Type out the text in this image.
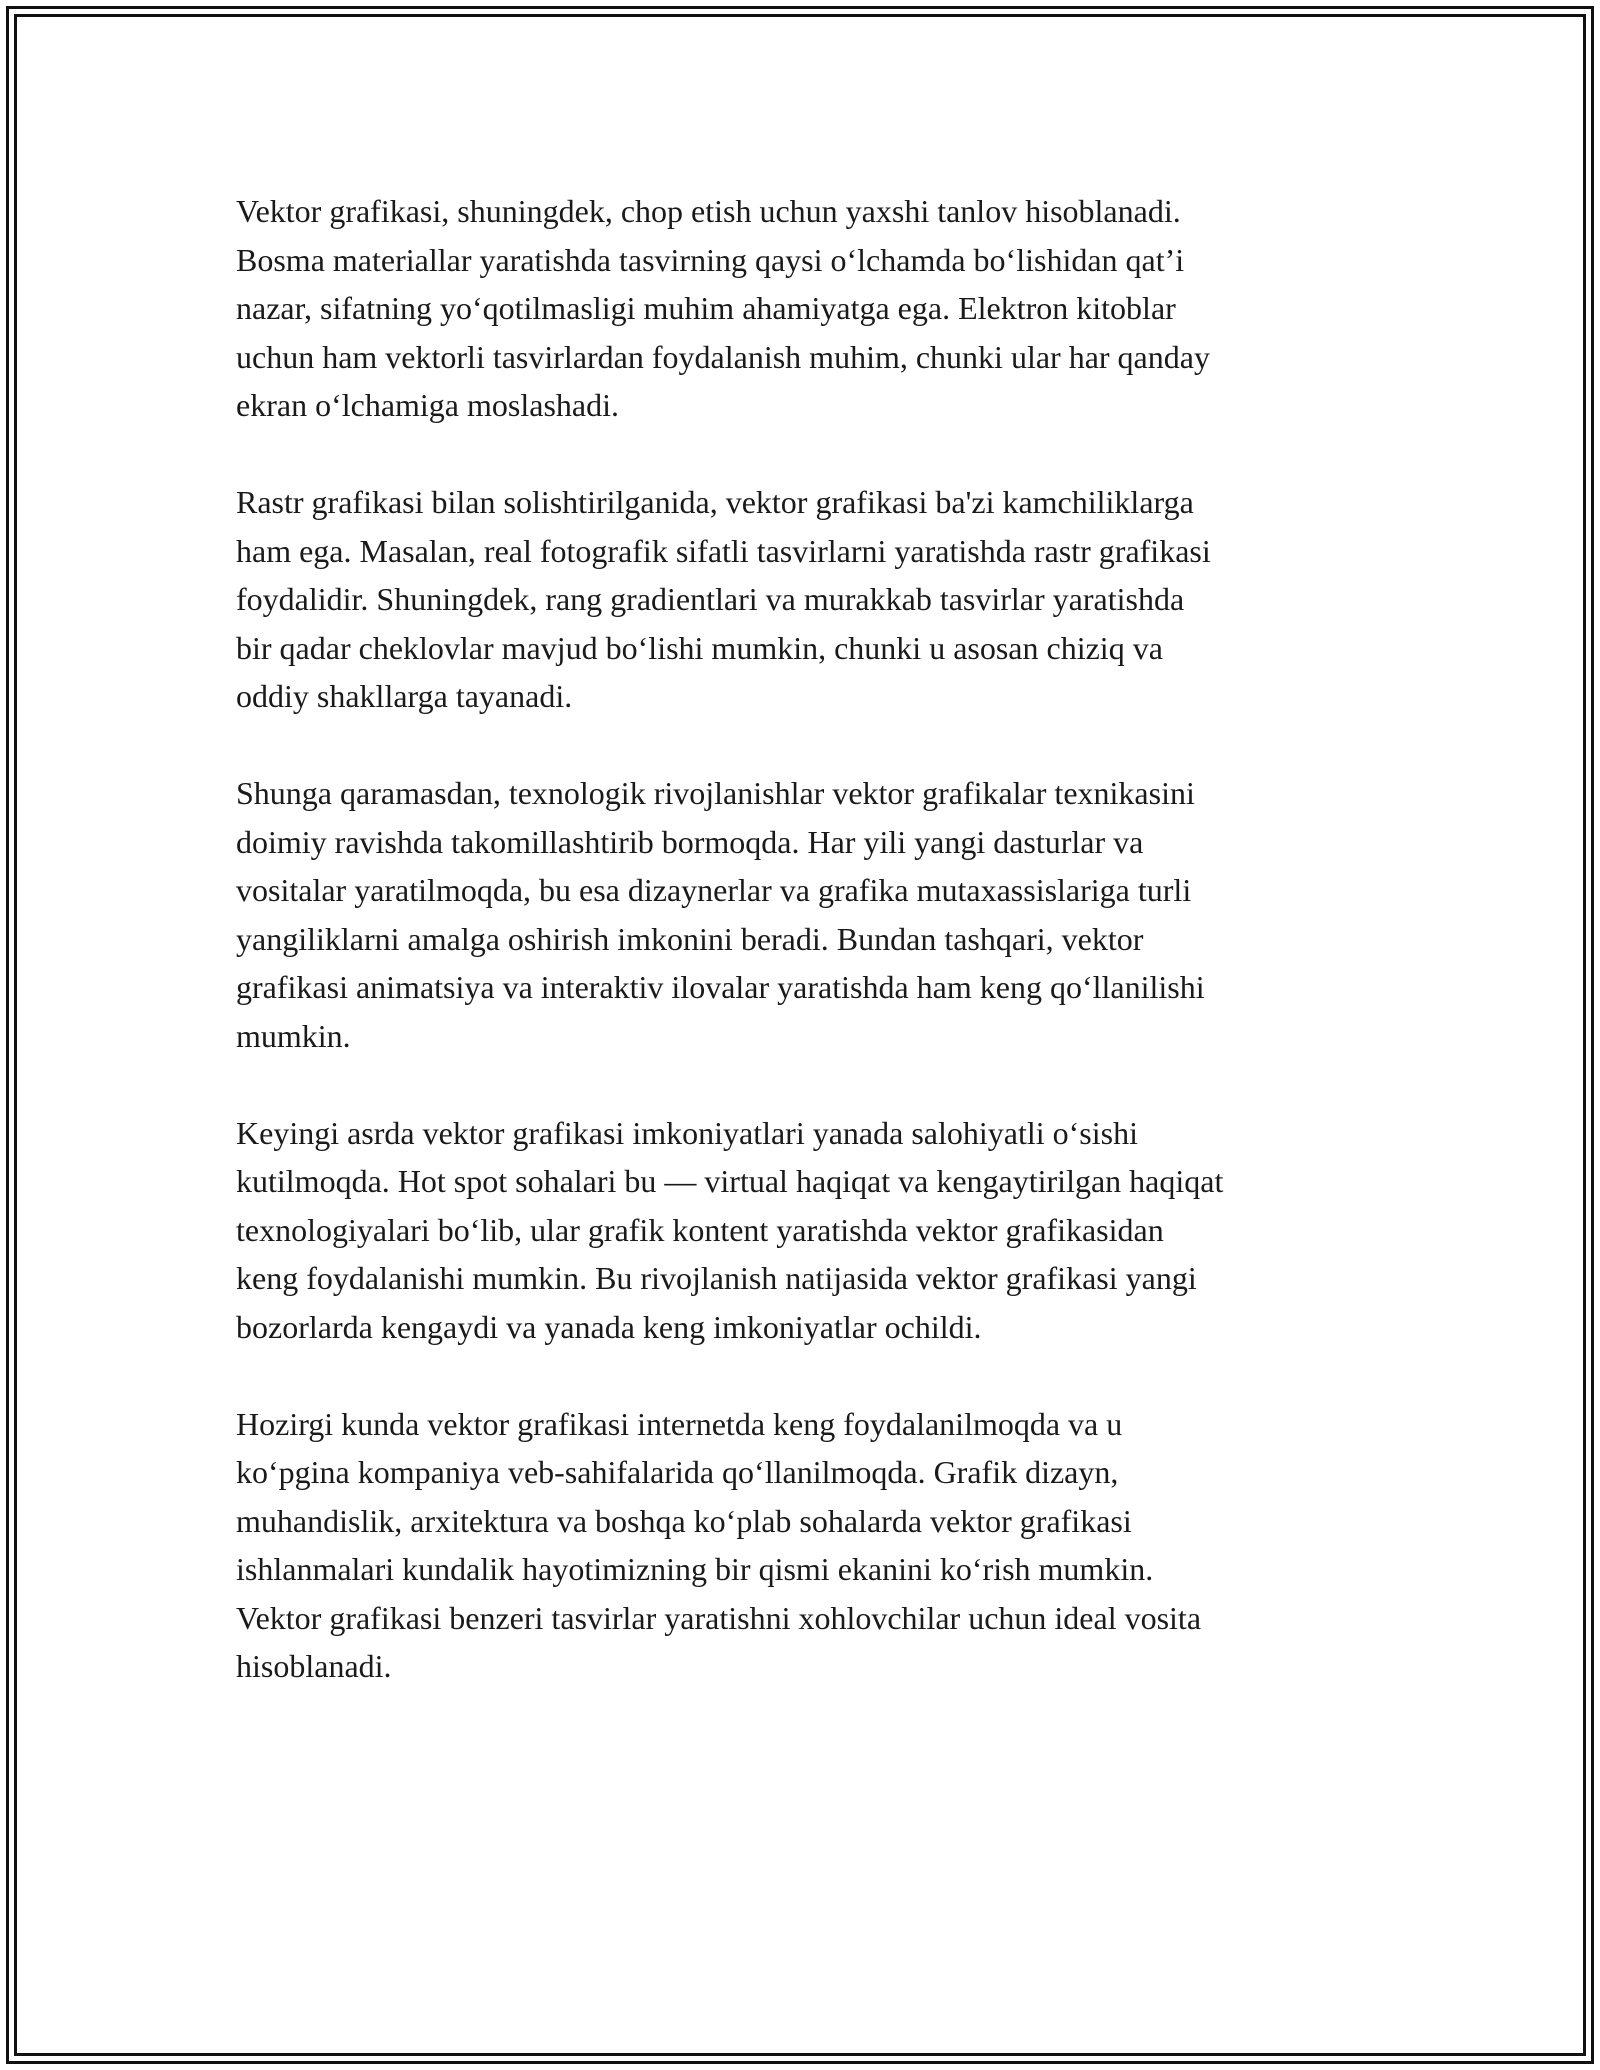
Vektor grafikasi, shuningdek, chop etish uchun yaxshi tanlov hisoblanadi.
Bosma materiallar yaratishda tasvirning qaysi o‘lchamda bo‘lishidan qat’i
nazar, sifatning yo‘qotilmasligi muhim ahamiyatga ega. Elektron kitoblar
uchun ham vektorli tasvirlardan foydalanish muhim, chunki ular har qanday
ekran o‘lchamiga moslashadi.

Rastr grafikasi bilan solishtirilganida, vektor grafikasi ba'zi kamchiliklarga
ham ega. Masalan, real fotografik sifatli tasvirlarni yaratishda rastr grafikasi
foydalidir. Shuningdek, rang gradientlari va murakkab tasvirlar yaratishda
bir qadar cheklovlar mavjud bo‘lishi mumkin, chunki u asosan chiziq va
oddiy shakllarga tayanadi.

Shunga qaramasdan, texnologik rivojlanishlar vektor grafikalar texnikasini
doimiy ravishda takomillashtirib bormoqda. Har yili yangi dasturlar va
vositalar yaratilmoqda, bu esa dizaynerlar va grafika mutaxassislariga turli
yangiliklarni amalga oshirish imkonini beradi. Bundan tashqari, vektor
grafikasi animatsiya va interaktiv ilovalar yaratishda ham keng qo‘llanilishi
mumkin.

Keyingi asrda vektor grafikasi imkoniyatlari yanada salohiyatli o‘sishi
kutilmoqda. Hot spot sohalari bu — virtual haqiqat va kengaytirilgan haqiqat
texnologiyalari bo‘lib, ular grafik kontent yaratishda vektor grafikasidan
keng foydalanishi mumkin. Bu rivojlanish natijasida vektor grafikasi yangi
bozorlarda kengaydi va yanada keng imkoniyatlar ochildi.

Hozirgi kunda vektor grafikasi internetda keng foydalanilmoqda va u
ko‘pgina kompaniya veb-sahifalarida qo‘llanilmoqda. Grafik dizayn,
muhandislik, arxitektura va boshqa ko‘plab sohalarda vektor grafikasi
ishlanmalari kundalik hayotimizning bir qismi ekanini ko‘rish mumkin.
Vektor grafikasi benzeri tasvirlar yaratishni xohlovchilar uchun ideal vosita
hisoblanadi.
